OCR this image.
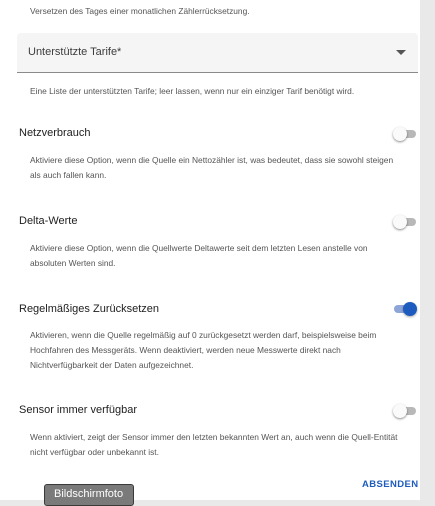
Versetzen des Tages einer monatlichen Zählerrücksetzung.
Unterstützte Tarife*
Eine Liste der unterstützten Tarife; leer lassen, wenn nur ein einziger Tarif benötigt wird.
Netzverbrauch
Aktiviere diese Option, wenn die Quelle ein Nettozähler ist, was bedeutet, dass sie sowohl steigen
als auch fallen kann.
Delta-Werte
Aktiviere diese Option, wenn die Quellwerte Deltawerte seit dem letzten Lesen anstelle von
absoluten Werten sind.
Regelmäßiges Zurücksetzen
Aktivieren, wenn die Quelle regelmäßig auf 0 zurückgesetzt werden darf, beispielsweise beim
Hochfahren des Messgeräts. Wenn deaktiviert, werden neue Messwerte direkt nach
Nichtverfügbarkeit der Daten aufgezeichnet.
Sensor immer verfügbar
Wenn aktiviert, zeigt der Sensor immer den letzten bekannten Wert an, auch wenn die Quell-Entität
nicht verfügbar oder unbekannt ist.
ABSENDEN
Bildschirmfoto
